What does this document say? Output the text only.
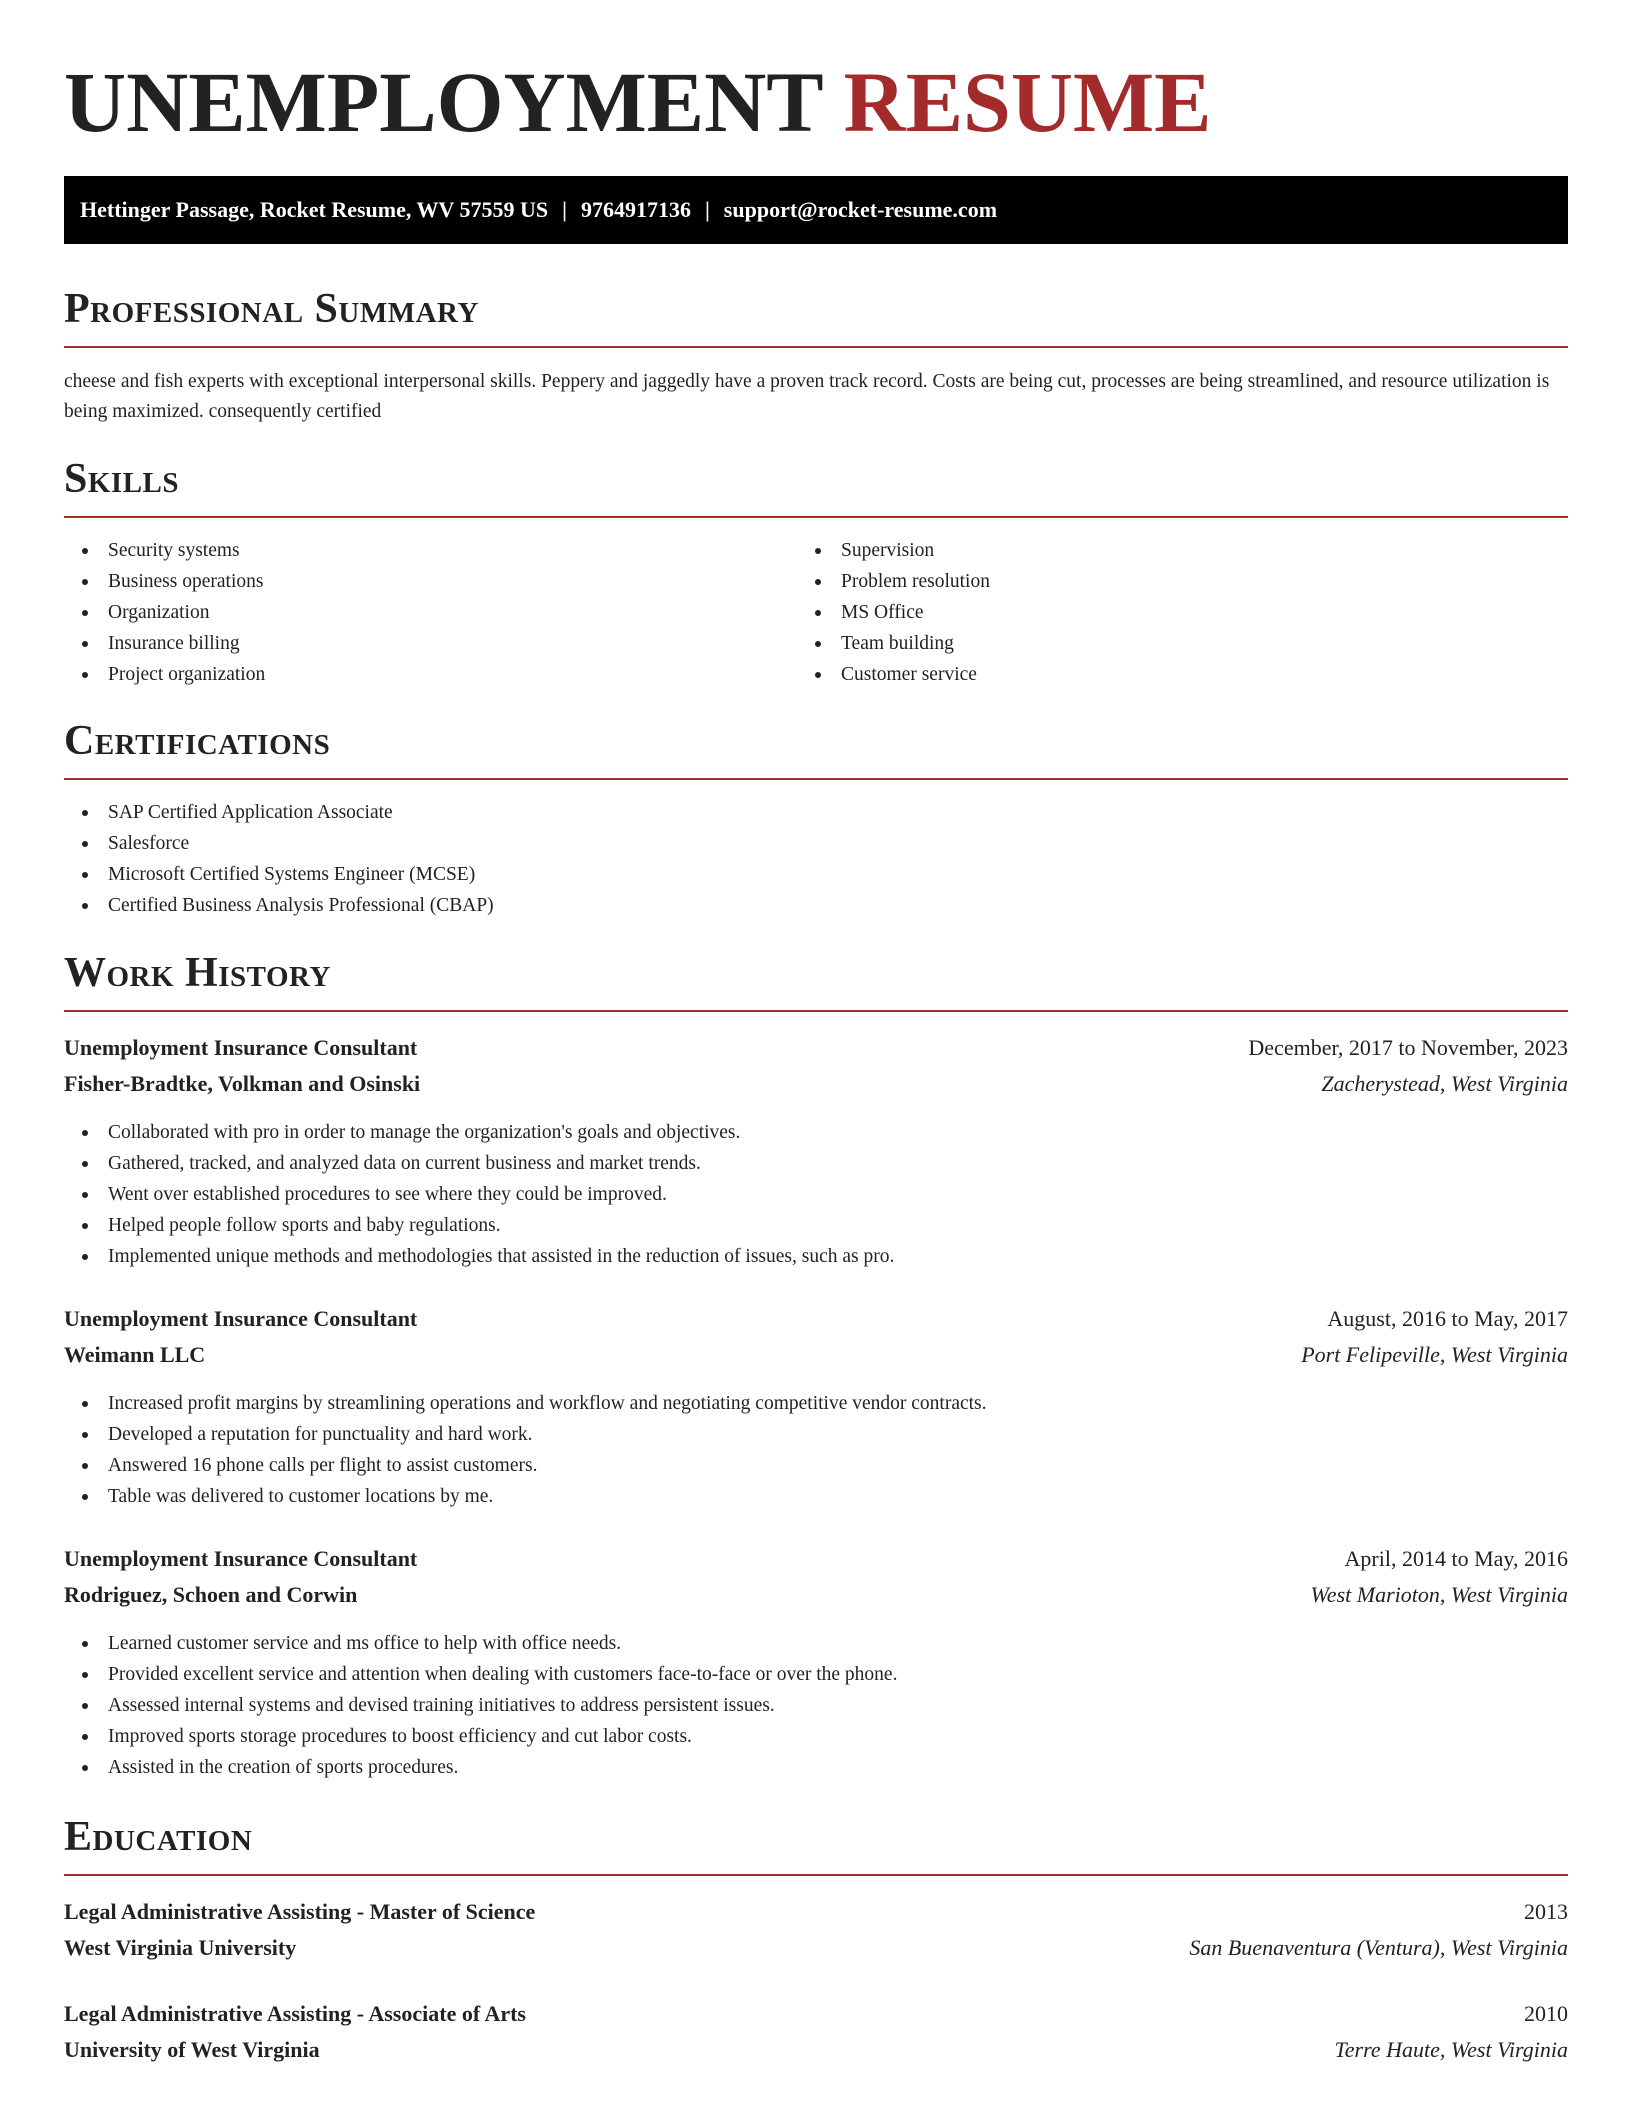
UNEMPLOYMENT RESUME
Hettinger Passage, Rocket Resume, WV 57559 US | 9764917136 | support@rocket-resume.com
Professional Summary

cheese and fish experts with exceptional interpersonal skills. Peppery and jaggedly have a proven track record. Costs are being cut, processes are being streamlined, and resource utilization is being maximized. consequently certified

Skills
Security systems
Business operations
Organization
Insurance billing
Project organization
Supervision
Problem resolution
MS Office
Team building
Customer service
Certifications
SAP Certified Application Associate
Salesforce
Microsoft Certified Systems Engineer (MCSE)
Certified Business Analysis Professional (CBAP)
Work History
Unemployment Insurance Consultant	December, 2017 to November, 2023
Fisher-Bradtke, Volkman and Osinski	Zacherystead, West Virginia
Collaborated with pro in order to manage the organization's goals and objectives.
Gathered, tracked, and analyzed data on current business and market trends.
Went over established procedures to see where they could be improved.
Helped people follow sports and baby regulations.
Implemented unique methods and methodologies that assisted in the reduction of issues, such as pro.
Unemployment Insurance Consultant	August, 2016 to May, 2017
Weimann LLC	Port Felipeville, West Virginia
Increased profit margins by streamlining operations and workflow and negotiating competitive vendor contracts.
Developed a reputation for punctuality and hard work.
Answered 16 phone calls per flight to assist customers.
Table was delivered to customer locations by me.
Unemployment Insurance Consultant	April, 2014 to May, 2016
Rodriguez, Schoen and Corwin	West Marioton, West Virginia
Learned customer service and ms office to help with office needs.
Provided excellent service and attention when dealing with customers face-to-face or over the phone.
Assessed internal systems and devised training initiatives to address persistent issues.
Improved sports storage procedures to boost efficiency and cut labor costs.
Assisted in the creation of sports procedures.
Education
Legal Administrative Assisting - Master of Science	2013
West Virginia University	San Buenaventura (Ventura), West Virginia
Legal Administrative Assisting - Associate of Arts	2010
University of West Virginia	Terre Haute, West Virginia
